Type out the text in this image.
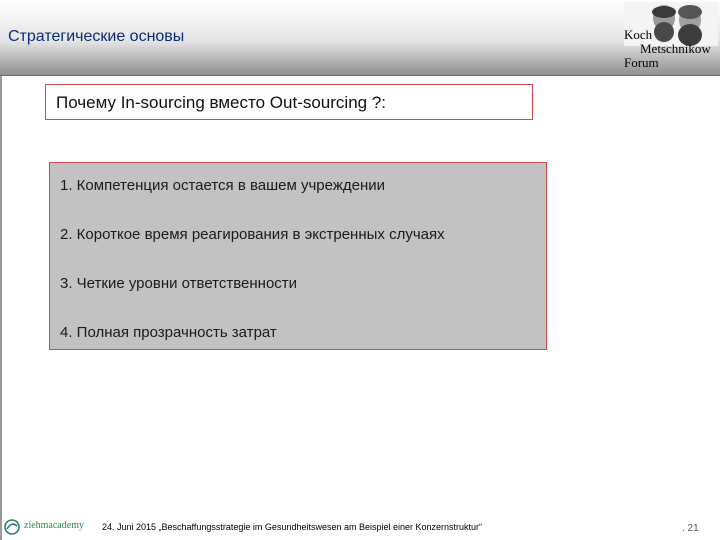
Стратегические основы	Koch
Metschnikow
Forum
Почему In-sourcing вместо Out-sourcing ?:
1. Компетенция остается в вашем учреждении
2. Короткое время реагирования в экстренных случаях
3. Четкие уровни ответственности
4. Полная прозрачность затрат
ziehmacademy 24. Juni 2015 „Beschaffungsstrategie im Gesundheitswesen am Beispiel einer Konzernstruktur“	. 21
